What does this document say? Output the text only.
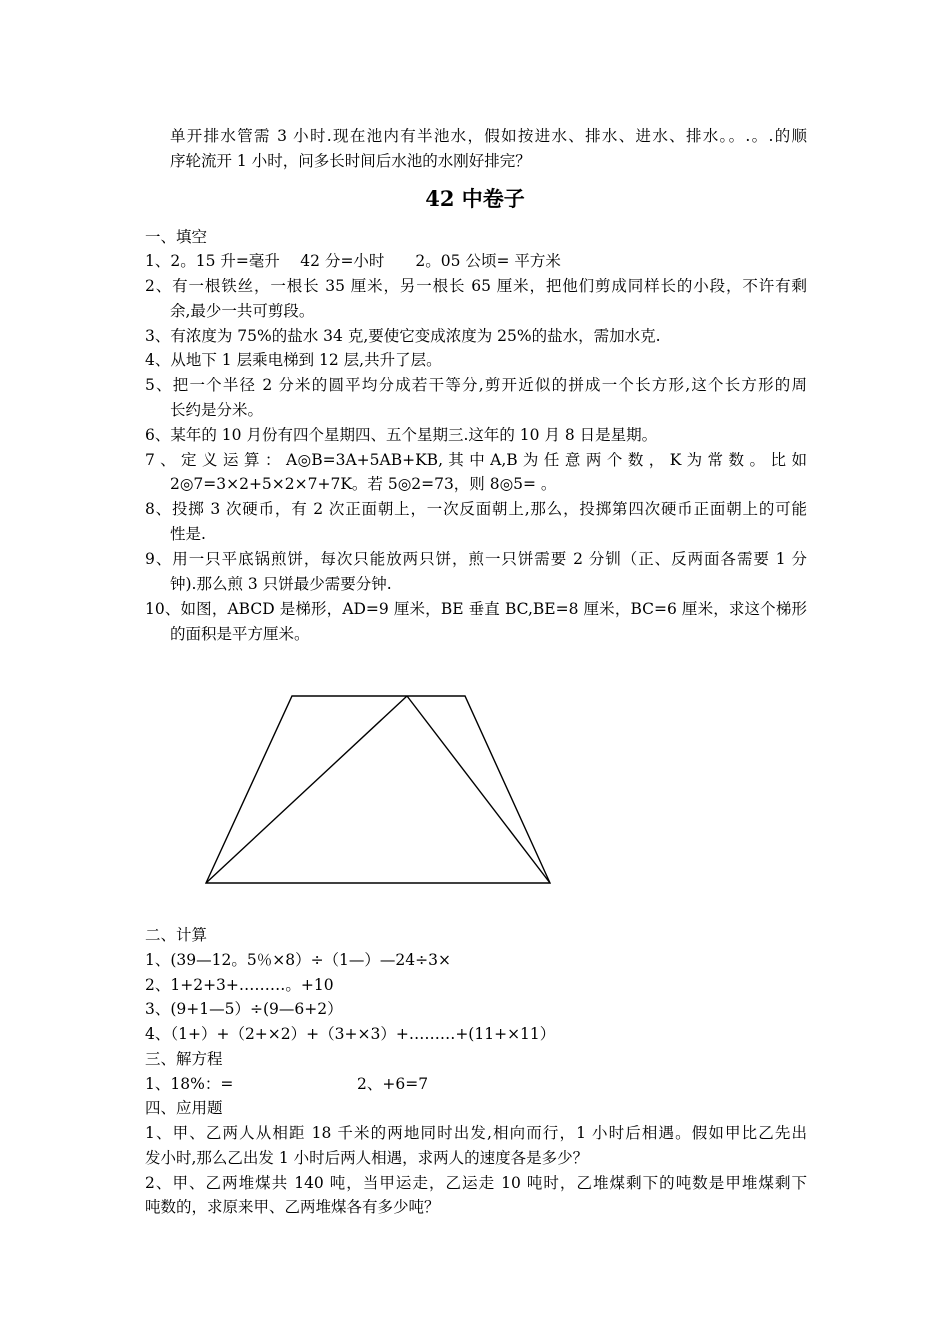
单开排水管需 3 小时.现在池内有半池水，假如按进水、排水、进水、排水。。.。.的顺
序轮流开 1 小时，问多长时间后水池的水刚好排完？
42 中卷子
一、填空
1、2。15 升=毫升　 42 分=小时　　2。05 公顷= 平方米
2、有一根铁丝，一根长 35 厘米，另一根长 65 厘米，把他们剪成同样长的小段，不许有剩
余,最少一共可剪段。
3、有浓度为 75%的盐水 34 克,要使它变成浓度为 25%的盐水，需加水克.
4、从地下 1 层乘电梯到 12 层,共升了层。
5、把一个半径 2 分米的圆平均分成若干等分,剪开近似的拼成一个长方形,这个长方形的周
长约是分米。
6、某年的 10 月份有四个星期四、五个星期三.这年的 10 月 8 日是星期。
7 、 定 义 运 算 ： A◎B=3A+5AB+KB, 其 中 A,B 为 任 意 两 个 数 ， K 为 常 数 。 比 如
2◎7=3×2+5×2×7+7K。若 5◎2=73，则 8◎5= 。
8、投掷 3 次硬币，有 2 次正面朝上，一次反面朝上,那么，投掷第四次硬币正面朝上的可能
性是.
9、用一只平底锅煎饼，每次只能放两只饼，煎一只饼需要 2 分钏（正、反两面各需要 1 分
钟).那么煎 3 只饼最少需要分钟.
10、如图，ABCD 是梯形，AD=9 厘米，BE 垂直 BC,BE=8 厘米，BC=6 厘米，求这个梯形
的面积是平方厘米。
二、计算
1、(39—12。5％×8）÷（1—）—24÷3×
2、1+2+3+………。+10
3、(9+1—5）÷(9—6+2）
4、（1+）+（2+×2）+（3+×3）+………+(11+×11）
三、解方程
1、18%：=	2、+6=7
四、应用题
1、甲、乙两人从相距 18 千米的两地同时出发,相向而行，1 小时后相遇。假如甲比乙先出
发小时,那么乙出发 1 小时后两人相遇，求两人的速度各是多少？
2、甲、乙两堆煤共 140 吨，当甲运走，乙运走 10 吨时，乙堆煤剩下的吨数是甲堆煤剩下
吨数的，求原来甲、乙两堆煤各有多少吨？
